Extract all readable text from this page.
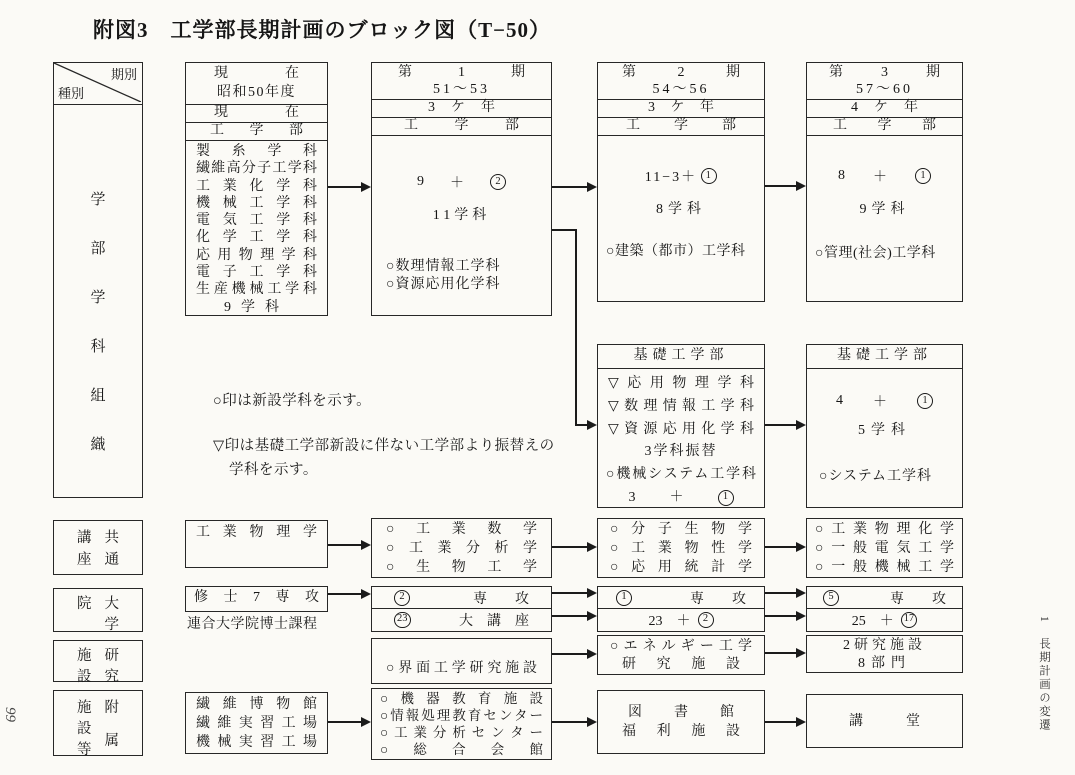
附図3　工学部長期計画のブロック図（T−50）
期別
種別
学
部
学
科
組
織
現在
昭和50年度
現在
工学部
製糸学科
繊維高分子工学科
工業化学科
機械工学科
電気工学科
化学工学科
応用物理学科
電子工学科
生産機械工学科
9学科
第1期
51～53
3ケ年
工学部
9 ＋	2
11学科
○数理情報工学科
○資源応用化学科
第2期
54～56
3ケ年
工学部
11−3＋ 1
8学科
○建築（都市）工学科
第3期
57～60
4ケ年
工学部
8 ＋	1
9学科
○管理(社会)工学科
基礎工学部
▽応用物理学科
▽数理情報工学科
▽資源応用化学科
3学科振替
○機械システム工学科
3 ＋	1
基礎工学部
4 ＋	1
5学科
○システム工学科
○印は新設学科を示す。
▽印は基礎工学部新設に伴ない工学部より振替えの
学科を示す。
講
座
共
通
工業物理学	○工業数学
○工業分析学
○生物工学
○分子生物学
○工業物性学
○応用統計学
○工業物理化学
○一般電気工学
○一般機械工学
院 大
学
修士7専攻
連合大学院博士課程
2	専　　攻
23	大　講　座
1	専　　攻
23　＋	2
5	専　　攻
25　＋ 17
施
設
研
究
○界面工学研究施設
○エネルギー工学
研究施設
2研究施設
8部門
施
設
等
附
属
繊維博物館
繊維実習工場
機械実習工場
○機器教育施設
○情報処理教育センター
○工業分析センター
○総合会館
図書館
福利施設
講堂
99	1　長期計画の変遷
